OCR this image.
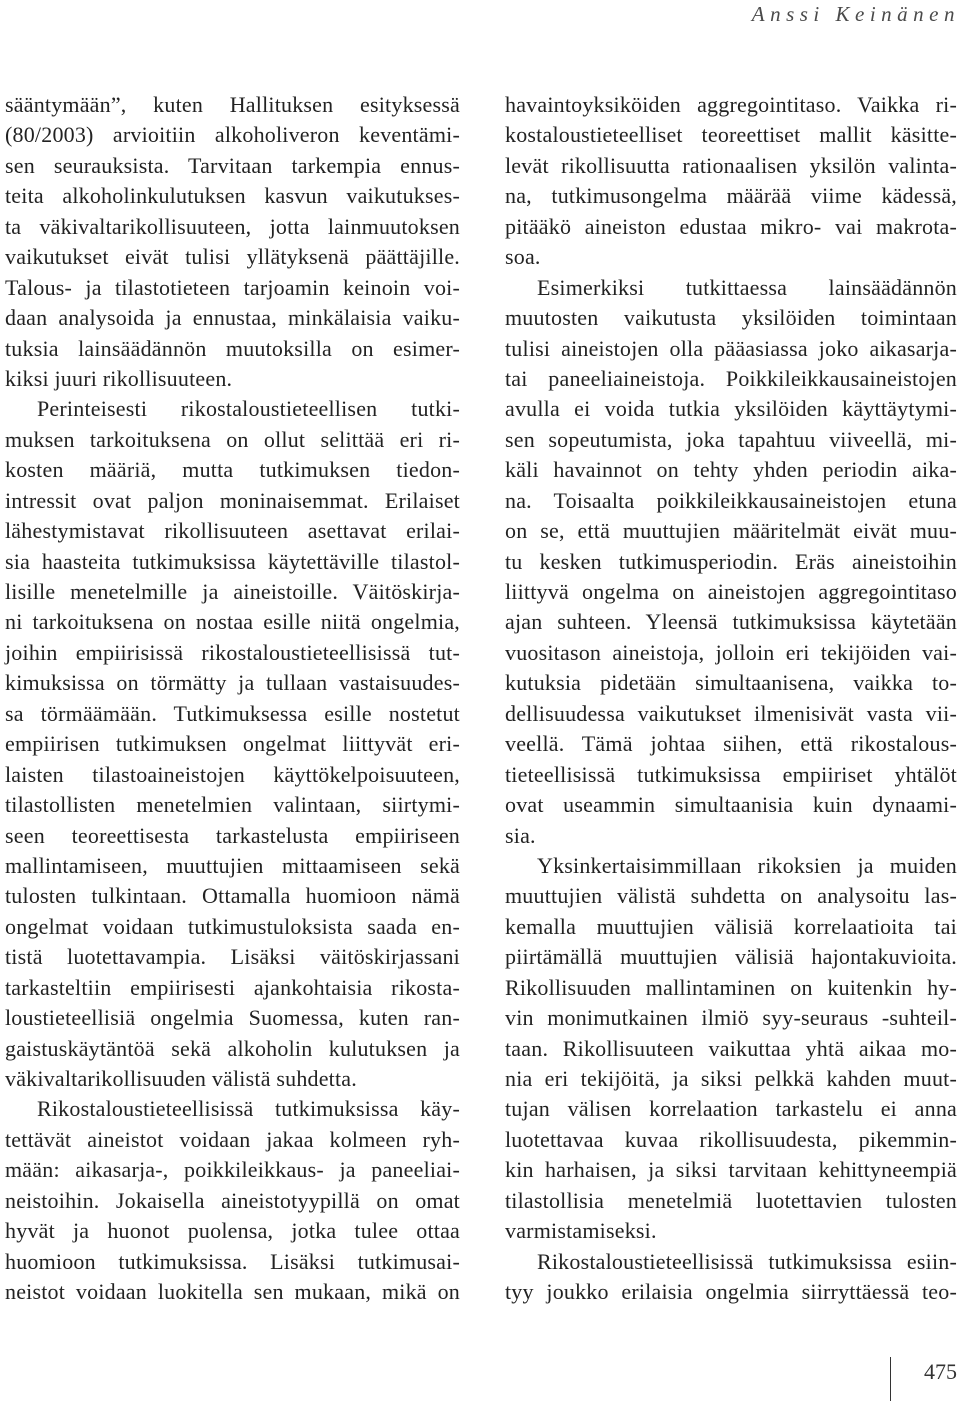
Anssi Keinänen
sääntymään”, kuten Hallituksen esityksessä
(80/2003) arvioitiin alkoholiveron keventämi-
sen seurauksista. Tarvitaan tarkempia ennus-
teita alkoholinkulutuksen kasvun vaikutukses-
ta väkivaltarikollisuuteen, jotta lainmuutoksen
vaikutukset eivät tulisi yllätyksenä päättäjille.
Talous- ja tilastotieteen tarjoamin keinoin voi-
daan analysoida ja ennustaa, minkälaisia vaiku-
tuksia lainsäädännön muutoksilla on esimer-
kiksi juuri rikollisuuteen.
Perinteisesti rikostaloustieteellisen tutki-
muksen tarkoituksena on ollut selittää eri ri-
kosten määriä, mutta tutkimuksen tiedon-
intressit ovat paljon moninaisemmat. Erilaiset
lähestymistavat rikollisuuteen asettavat erilai-
sia haasteita tutkimuksissa käytettäville tilastol-
lisille menetelmille ja aineistoille. Väitöskirja-
ni tarkoituksena on nostaa esille niitä ongelmia,
joihin empiirisissä rikostaloustieteellisissä tut-
kimuksissa on törmätty ja tullaan vastaisuudes-
sa törmäämään. Tutkimuksessa esille nostetut
empiirisen tutkimuksen ongelmat liittyvät eri-
laisten tilastoaineistojen käyttökelpoisuuteen,
tilastollisten menetelmien valintaan, siirtymi-
seen teoreettisesta tarkastelusta empiiriseen
mallintamiseen, muuttujien mittaamiseen sekä
tulosten tulkintaan. Ottamalla huomioon nämä
ongelmat voidaan tutkimustuloksista saada en-
tistä luotettavampia. Lisäksi väitöskirjassani
tarkasteltiin empiirisesti ajankohtaisia rikosta-
loustieteellisiä ongelmia Suomessa, kuten ran-
gaistuskäytäntöä sekä alkoholin kulutuksen ja
väkivaltarikollisuuden välistä suhdetta.
Rikostaloustieteellisissä tutkimuksissa käy-
tettävät aineistot voidaan jakaa kolmeen ryh-
mään: aikasarja-, poikkileikkaus- ja paneeliai-
neistoihin. Jokaisella aineistotyypillä on omat
hyvät ja huonot puolensa, jotka tulee ottaa
huomioon tutkimuksissa. Lisäksi tutkimusai-
neistot voidaan luokitella sen mukaan, mikä on
havaintoyksiköiden aggregointitaso. Vaikka ri-
kostaloustieteelliset teoreettiset mallit käsitte-
levät rikollisuutta rationaalisen yksilön valinta-
na, tutkimusongelma määrää viime kädessä,
pitääkö aineiston edustaa mikro- vai makrota-
soa.
Esimerkiksi tutkittaessa lainsäädännön
muutosten vaikutusta yksilöiden toimintaan
tulisi aineistojen olla pääasiassa joko aikasarja-
tai paneeliaineistoja. Poikkileikkausaineistojen
avulla ei voida tutkia yksilöiden käyttäytymi-
sen sopeutumista, joka tapahtuu viiveellä, mi-
käli havainnot on tehty yhden periodin aika-
na. Toisaalta poikkileikkausaineistojen etuna
on se, että muuttujien määritelmät eivät muu-
tu kesken tutkimusperiodin. Eräs aineistoihin
liittyvä ongelma on aineistojen aggregointitaso
ajan suhteen. Yleensä tutkimuksissa käytetään
vuositason aineistoja, jolloin eri tekijöiden vai-
kutuksia pidetään simultaanisena, vaikka to-
dellisuudessa vaikutukset ilmenisivät vasta vii-
veellä. Tämä johtaa siihen, että rikostalous-
tieteellisissä tutkimuksissa empiiriset yhtälöt
ovat useammin simultaanisia kuin dynaami-
sia.
Yksinkertaisimmillaan rikoksien ja muiden
muuttujien välistä suhdetta on analysoitu las-
kemalla muuttujien välisiä korrelaatioita tai
piirtämällä muuttujien välisiä hajontakuvioita.
Rikollisuuden mallintaminen on kuitenkin hy-
vin monimutkainen ilmiö syy-seuraus -suhteil-
taan. Rikollisuuteen vaikuttaa yhtä aikaa mo-
nia eri tekijöitä, ja siksi pelkkä kahden muut-
tujan välisen korrelaation tarkastelu ei anna
luotettavaa kuvaa rikollisuudesta, pikemmin-
kin harhaisen, ja siksi tarvitaan kehittyneempiä
tilastollisia menetelmiä luotettavien tulosten
varmistamiseksi.
Rikostaloustieteellisissä tutkimuksissa esiin-
tyy joukko erilaisia ongelmia siirryttäessä teo-
475
